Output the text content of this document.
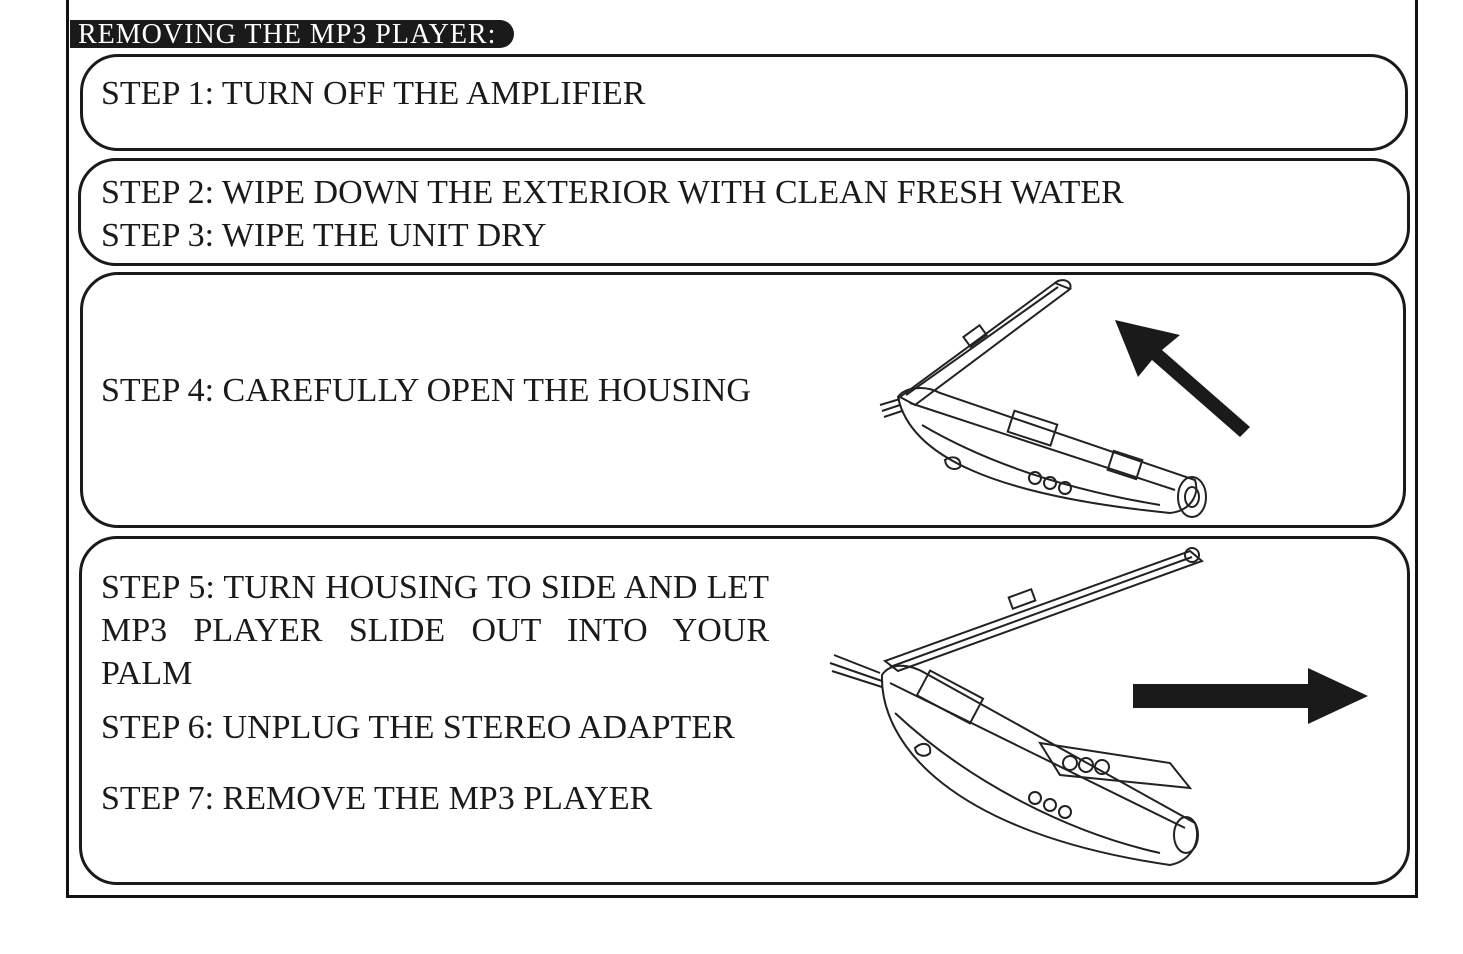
REMOVING THE MP3 PLAYER:
STEP 1: TURN OFF THE AMPLIFIER
STEP 2: WIPE DOWN THE EXTERIOR WITH CLEAN FRESH WATER
STEP 3: WIPE THE UNIT DRY
STEP 4: CAREFULLY OPEN THE HOUSING
STEP 5: TURN HOUSING TO SIDE AND LET MP3 PLAYER SLIDE OUT INTO YOUR PALM
STEP 6: UNPLUG THE STEREO ADAPTER
STEP 7: REMOVE THE MP3 PLAYER
